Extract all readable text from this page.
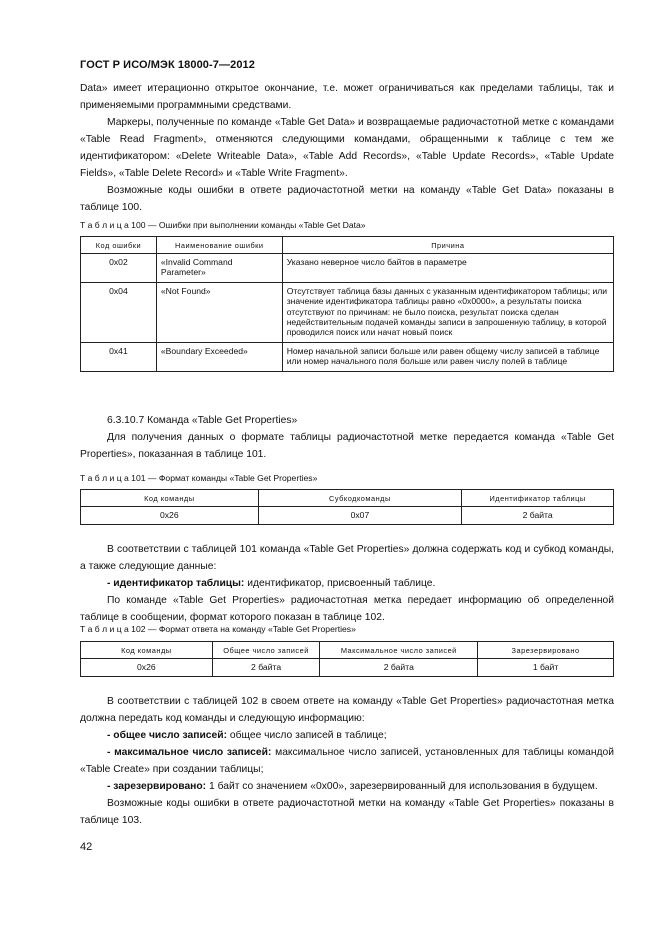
ГОСТ Р ИСО/МЭК 18000-7—2012

Data» имеет итерационно открытое окончание, т.е. может ограничиваться как пределами таблицы, так и применяемыми программными средствами.

Маркеры, полученные по команде «Table Get Data» и возвращаемые радиочастотной метке с командами «Table Read Fragment», отменяются следующими командами, обращенными к таблице с тем же идентификатором: «Delete Writeable Data», «Table Add Records», «Table Update Records», «Table Update Fields», «Table Delete Record» и «Table Write Fragment».

Возможные коды ошибки в ответе радиочастотной метки на команду «Table Get Data» показаны в таблице 100.

Т а б л и ц а 100 — Ошибки при выполнении команды «Table Get Data»
Код ошибки	Наименование ошибки	Причина
0x02	«Invalid Command Parameter»	Указано неверное число байтов в параметре
0x04	«Not Found»	Отсутствует таблица базы данных с указанным идентификатором таблицы; или значение идентификатора таблицы равно «0x0000», а результаты поиска отсутствуют по причинам: не было поиска, результат поиска сделан недействительным подачей команды записи в запрошенную таблицу, в которой проводился поиск или начат новый поиск
0x41	«Boundary Exceeded»	Номер начальной записи больше или равен общему числу записей в таблице или номер начального поля больше или равен числу полей в таблице

6.3.10.7 Команда «Table Get Properties»

Для получения данных о формате таблицы радиочастотной метке передается команда «Table Get Properties», показанная в таблице 101.

Т а б л и ц а 101 — Формат команды «Table Get Properties»
Код команды	Субкодкоманды	Идентификатор таблицы
0x26	0x07	2 байта

В соответствии с таблицей 101 команда «Table Get Properties» должна содержать код и субкод команды, а также следующие данные:

- идентификатор таблицы: идентификатор, присвоенный таблице.

По команде «Table Get Properties» радиочастотная метка передает информацию об определенной таблице в сообщении, формат которого показан в таблице 102.

Т а б л и ц а 102 — Формат ответа на команду «Table Get Properties»
Код команды	Общее число записей	Максимальное число записей	Зарезервировано
0x26	2 байта	2 байта	1 байт

В соответствии с таблицей 102 в своем ответе на команду «Table Get Properties» радиочастотная метка должна передать код команды и следующую информацию:

- общее число записей: общее число записей в таблице;

- максимальное число записей: максимальное число записей, установленных для таблицы командой «Table Create» при создании таблицы;

- зарезервировано: 1 байт со значением «0x00», зарезервированный для использования в будущем.

Возможные коды ошибки в ответе радиочастотной метки на команду «Table Get Properties» показаны в таблице 103.

42
